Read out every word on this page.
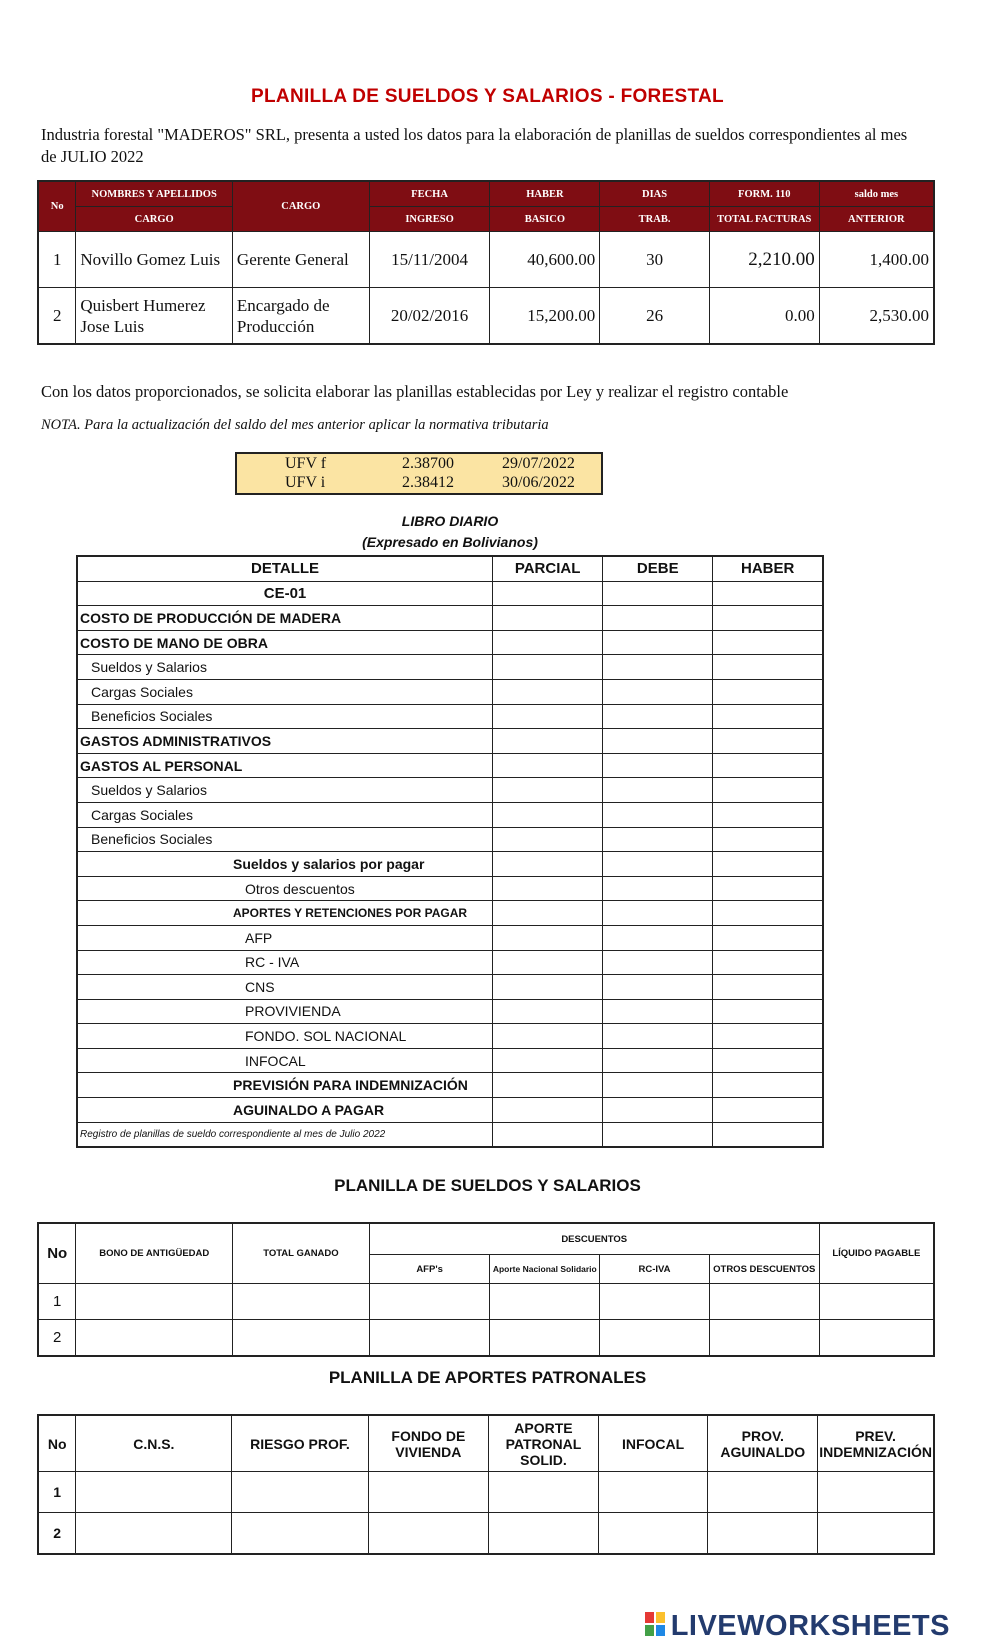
PLANILLA DE SUELDOS Y SALARIOS - FORESTAL
Industria forestal "MADEROS" SRL, presenta a usted los datos para la elaboración de planillas de sueldos correspondientes al mes de JULIO 2022
No	NOMBRES Y APELLIDOS	CARGO	FECHA	HABER	DIAS	FORM. 110	saldo mes
	CARGO		INGRESO	BASICO	TRAB.	TOTAL FACTURAS	ANTERIOR
1	Novillo Gomez Luis	Gerente General	15/11/2004	40,600.00	30	2,210.00	1,400.00
2	Quisbert Humerez Jose Luis	Encargado de Producción	20/02/2016	15,200.00	26	0.00	2,530.00
Con los datos proporcionados, se solicita elaborar las planillas establecidas por Ley y realizar el registro contable
NOTA. Para la actualización del saldo del mes anterior aplicar la normativa tributaria
UFV f	2.38700	29/07/2022
UFV i	2.38412	30/06/2022
LIBRO DIARIO
(Expresado en Bolivianos)
DETALLE	PARCIAL	DEBE	HABER
CE-01			
COSTO DE PRODUCCIÓN DE MADERA			
COSTO DE MANO DE OBRA			
Sueldos y Salarios			
Cargas Sociales			
Beneficios Sociales			
GASTOS ADMINISTRATIVOS			
GASTOS AL PERSONAL			
Sueldos y Salarios			
Cargas Sociales			
Beneficios Sociales			
Sueldos y salarios por pagar			
Otros descuentos			
APORTES Y RETENCIONES POR PAGAR			
AFP			
RC - IVA			
CNS			
PROVIVIENDA			
FONDO. SOL NACIONAL			
INFOCAL			
PREVISIÓN PARA INDEMNIZACIÓN			
AGUINALDO A PAGAR			
Registro de planillas de sueldo correspondiente al mes de Julio 2022			
PLANILLA DE SUELDOS Y SALARIOS
No	BONO DE ANTIGÜEDAD	TOTAL GANADO	DESCUENTOS				LÍQUIDO PAGABLE
			AFP's	Aporte Nacional Solidario	RC-IVA	OTROS DESCUENTOS	
1							
2							
PLANILLA DE APORTES PATRONALES
No	C.N.S.	RIESGO PROF.	FONDO DE VIVIENDA	APORTE PATRONAL SOLID.	INFOCAL	PROV. AGUINALDO	PREV. INDEMNIZACIÓN
1							
2							
LIVEWORKSHEETS
